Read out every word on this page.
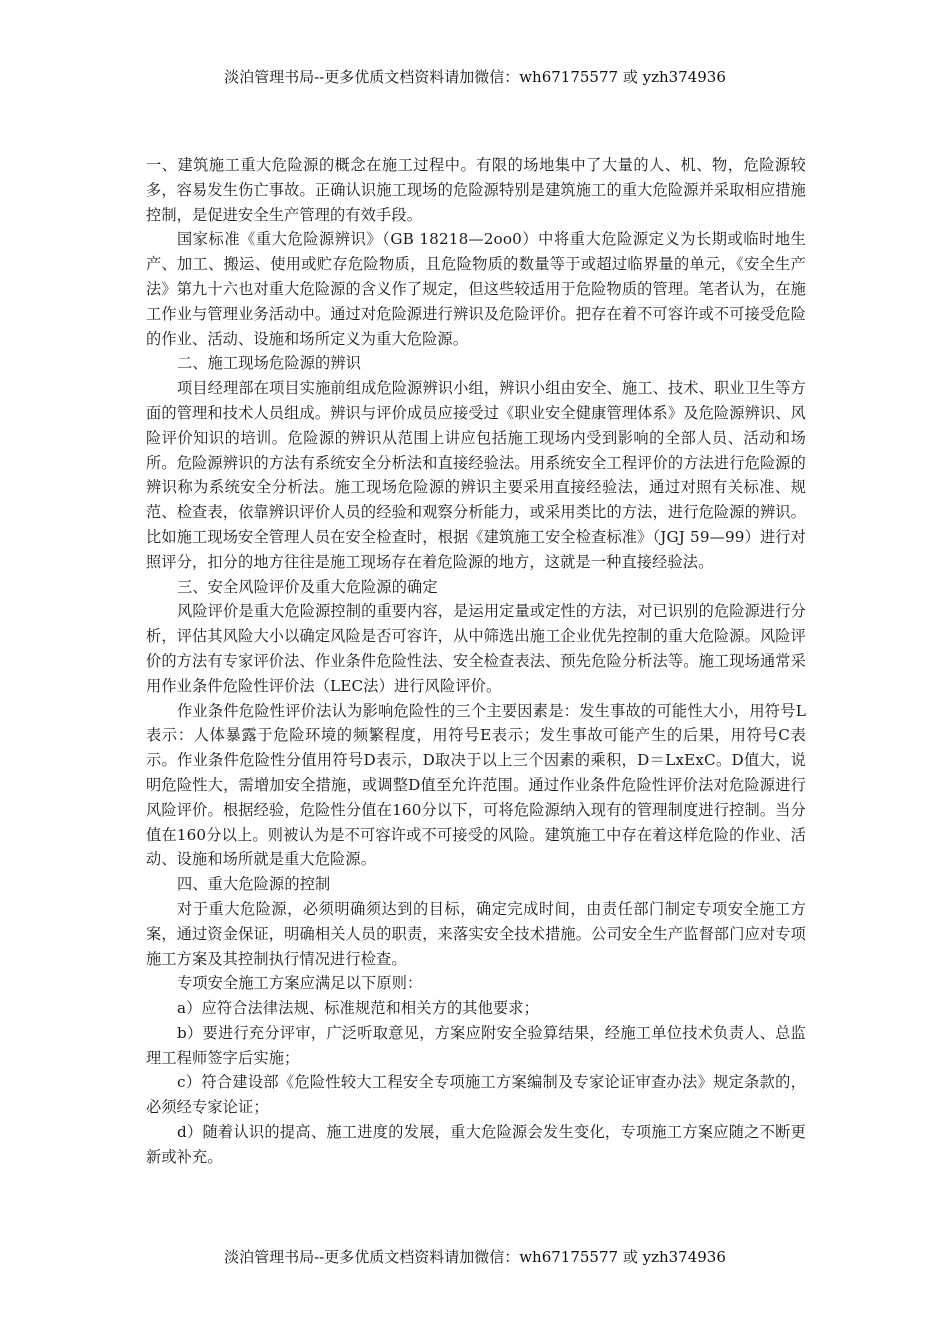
淡泊管理书局--更多优质文档资料请加微信：wh67175577 或 yzh374936

一、建筑施工重大危险源的概念在施工过程中。有限的场地集中了大量的人、机、物，危险源较多，容易发生伤亡事故。正确认识施工现场的危险源特别是建筑施工的重大危险源并采取相应措施控制，是促进安全生产管理的有效手段。

国家标准《重大危险源辨识》（GB 18218—2oo0）中将重大危险源定义为长期或临时地生产、加工、搬运、使用或贮存危险物质，且危险物质的数量等于或超过临界量的单元，《安全生产法》第九十六也对重大危险源的含义作了规定，但这些较适用于危险物质的管理。笔者认为，在施工作业与管理业务活动中。通过对危险源进行辨识及危险评价。把存在着不可容许或不可接受危险的作业、活动、设施和场所定义为重大危险源。

二、施工现场危险源的辨识

项目经理部在项目实施前组成危险源辨识小组，辨识小组由安全、施工、技术、职业卫生等方面的管理和技术人员组成。辨识与评价成员应接受过《职业安全健康管理体系》及危险源辨识、风险评价知识的培训。危险源的辨识从范围上讲应包括施工现场内受到影响的全部人员、活动和场所。危险源辨识的方法有系统安全分析法和直接经验法。用系统安全工程评价的方法进行危险源的辨识称为系统安全分析法。施工现场危险源的辨识主要采用直接经验法，通过对照有关标准、规范、检查表，依靠辨识评价人员的经验和观察分析能力，或采用类比的方法，进行危险源的辨识。比如施工现场安全管理人员在安全检查时，根据《建筑施工安全检查标准》（JGJ 59—99）进行对照评分，扣分的地方往往是施工现场存在着危险源的地方，这就是一种直接经验法。

三、安全风险评价及重大危险源的确定

风险评价是重大危险源控制的重要内容，是运用定量或定性的方法，对已识别的危险源进行分析，评估其风险大小以确定风险是否可容许，从中筛选出施工企业优先控制的重大危险源。风险评价的方法有专家评价法、作业条件危险性法、安全检查表法、预先危险分析法等。施工现场通常采用作业条件危险性评价法（LEC法）进行风险评价。

作业条件危险性评价法认为影响危险性的三个主要因素是：发生事故的可能性大小，用符号L表示：人体暴露于危险环境的频繁程度，用符号E表示；发生事故可能产生的后果，用符号C表示。作业条件危险性分值用符号D表示，D取决于以上三个因素的乘积，D＝LxExC。D值大，说明危险性大，需增加安全措施，或调整D值至允许范围。通过作业条件危险性评价法对危险源进行风险评价。根据经验，危险性分值在160分以下，可将危险源纳入现有的管理制度进行控制。当分值在160分以上。则被认为是不可容许或不可接受的风险。建筑施工中存在着这样危险的作业、活动、设施和场所就是重大危险源。

四、重大危险源的控制

对于重大危险源，必须明确须达到的目标，确定完成时间，由责任部门制定专项安全施工方案，通过资金保证，明确相关人员的职责，来落实安全技术措施。公司安全生产监督部门应对专项施工方案及其控制执行情况进行检查。

专项安全施工方案应满足以下原则：

a）应符合法律法规、标准规范和相关方的其他要求；

b）要进行充分评审，广泛听取意见，方案应附安全验算结果，经施工单位技术负责人、总监理工程师签字后实施；

c）符合建设部《危险性较大工程安全专项施工方案编制及专家论证审查办法》规定条款的，必须经专家论证；

d）随着认识的提高、施工进度的发展，重大危险源会发生变化，专项施工方案应随之不断更新或补充。

淡泊管理书局--更多优质文档资料请加微信：wh67175577 或 yzh374936
